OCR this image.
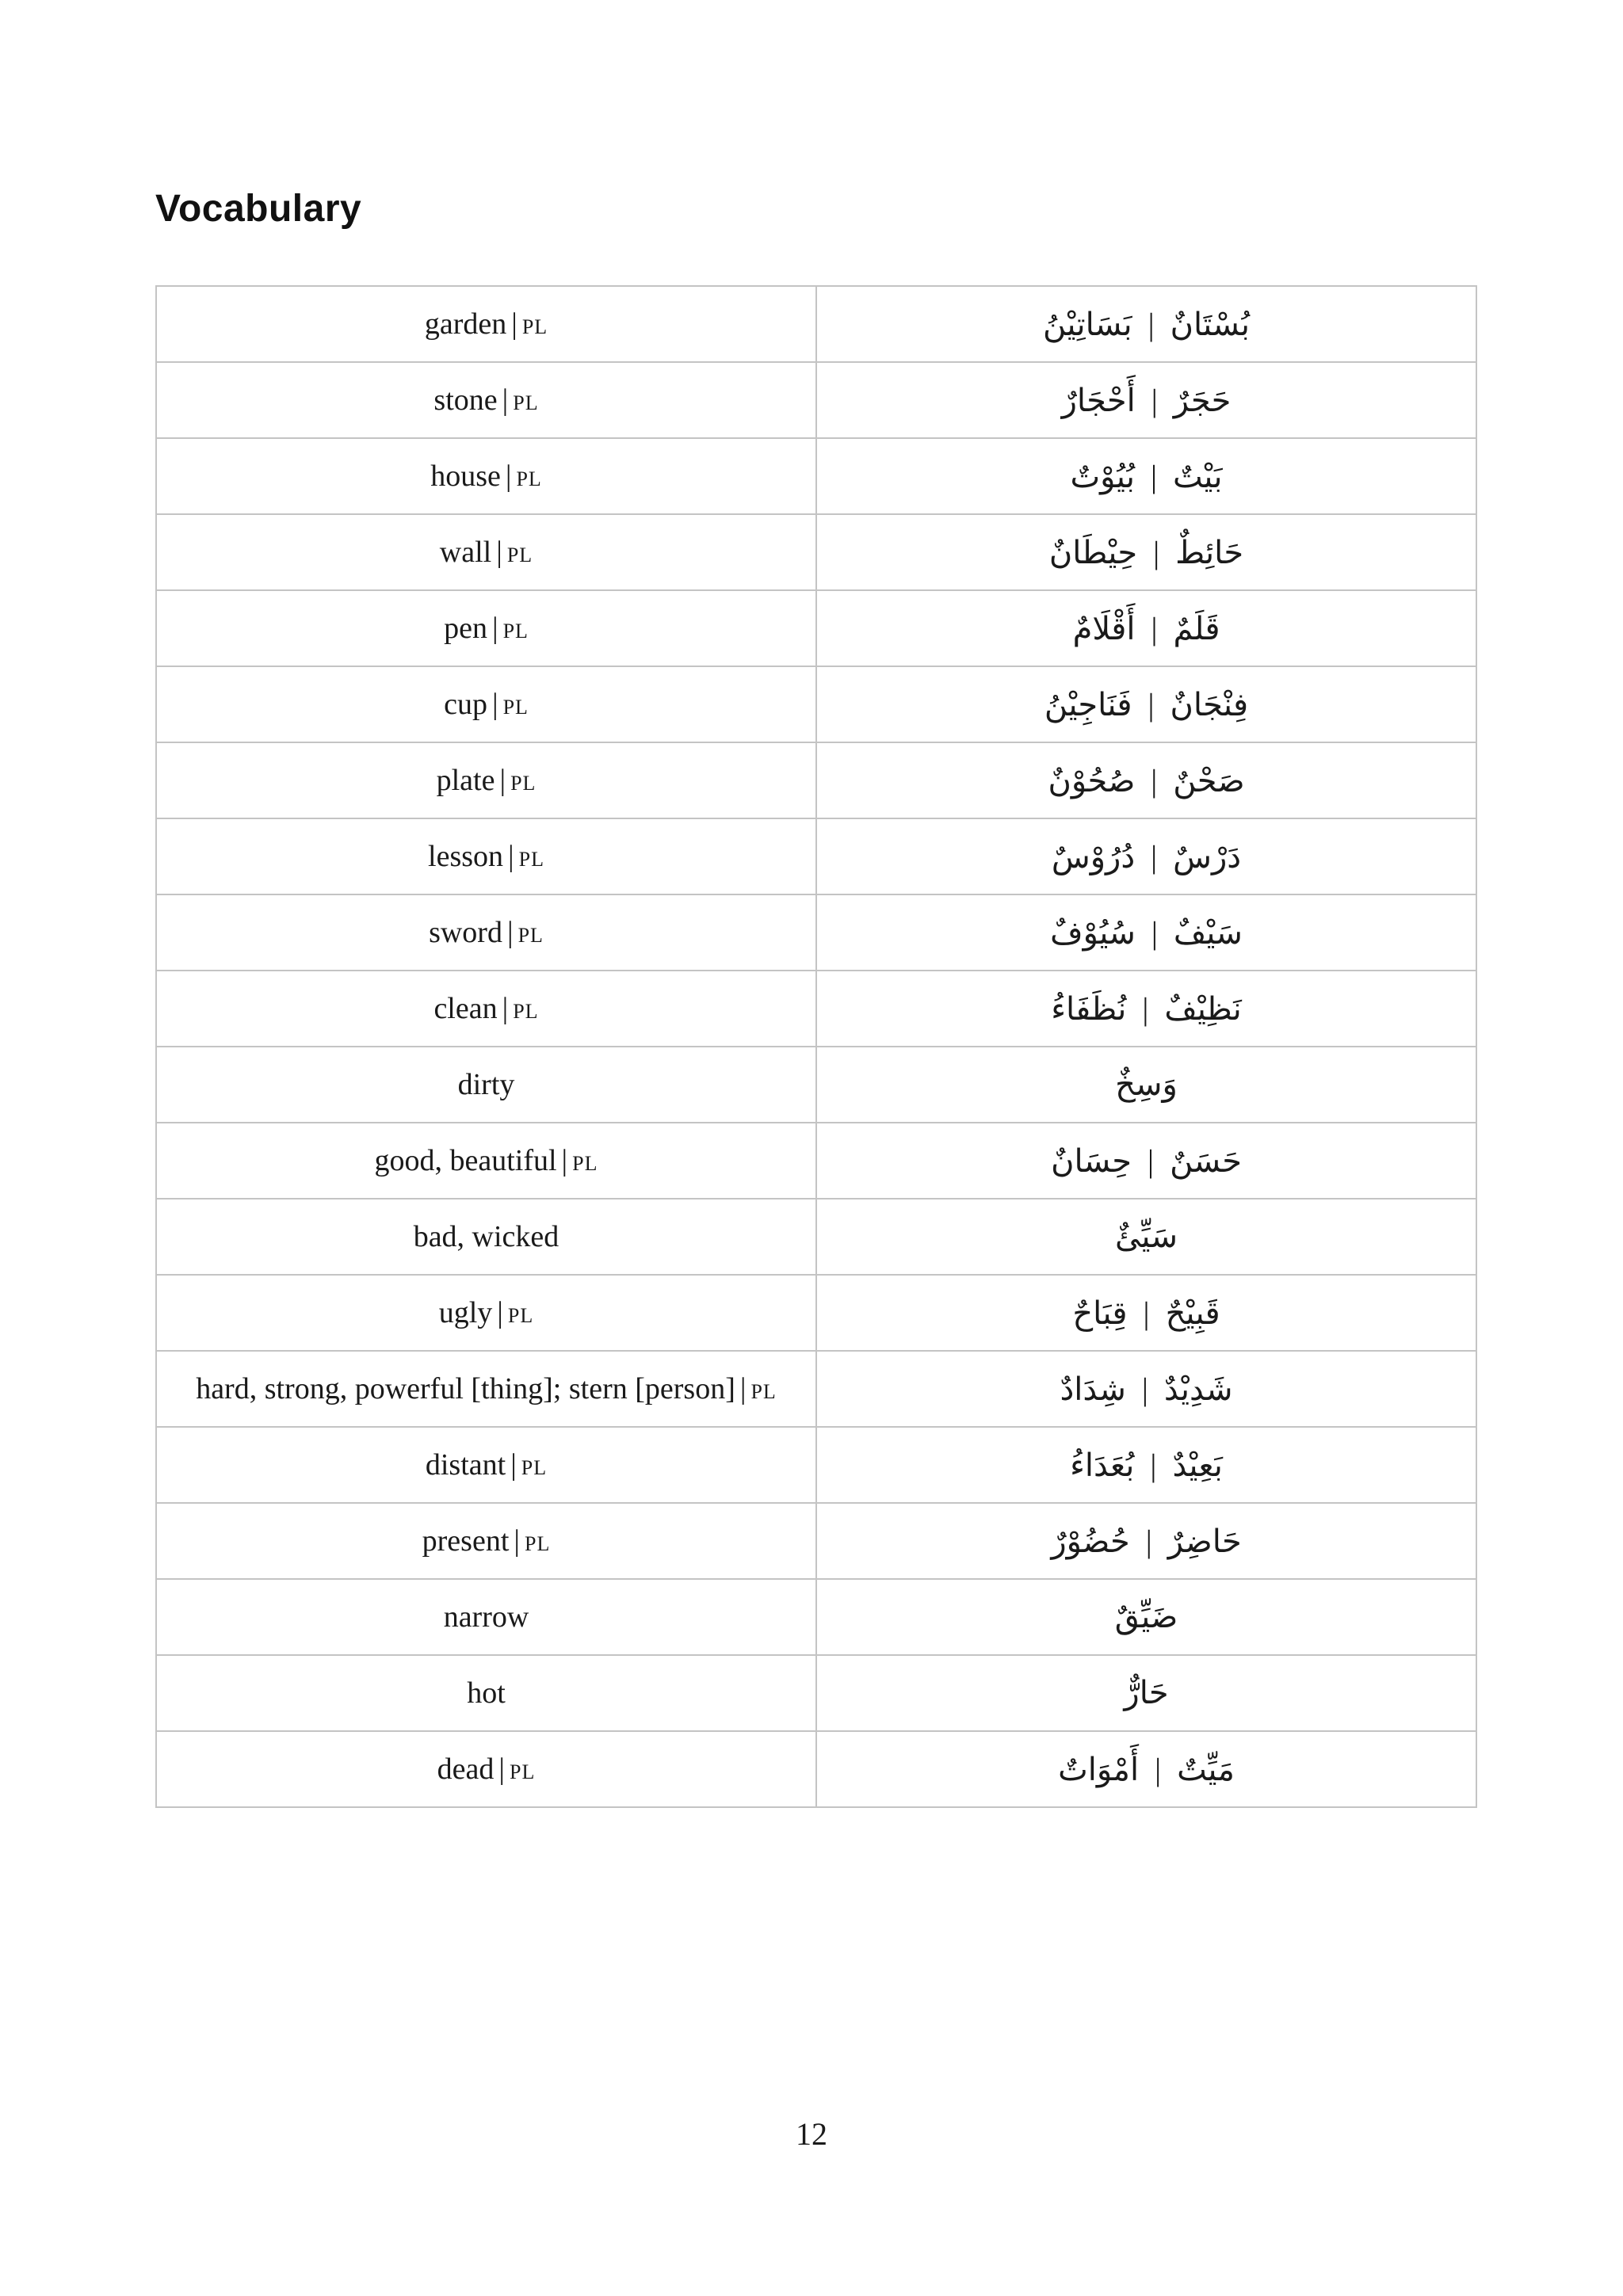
Vocabulary
garden | PL	بُسْتَانٌ|بَسَاتِيْنُ
stone | PL	حَجَرٌ|أَحْجَارٌ
house | PL	بَيْتٌ|بُيُوْتٌ
wall | PL	حَائِطٌ|حِيْطَانٌ
pen | PL	قَلَمٌ|أَقْلَامٌ
cup | PL	فِنْجَانٌ|فَنَاجِيْنُ
plate | PL	صَحْنٌ|صُحُوْنٌ
lesson | PL	دَرْسٌ|دُرُوْسٌ
sword | PL	سَيْفٌ|سُيُوْفٌ
clean | PL	نَظِيْفٌ|نُظَفَاءُ
dirty	وَسِخٌ
good, beautiful | PL	حَسَنٌ|حِسَانٌ
bad, wicked	سَيِّئٌ
ugly | PL	قَبِيْحٌ|قِبَاحٌ
hard, strong, powerful [thing]; stern [person] | PL	شَدِيْدٌ|شِدَادٌ
distant | PL	بَعِيْدٌ|بُعَدَاءُ
present | PL	حَاضِرٌ|حُضُوْرٌ
narrow	ضَيِّقٌ
hot	حَارٌّ
dead | PL	مَيِّتٌ|أَمْوَاتٌ
12
